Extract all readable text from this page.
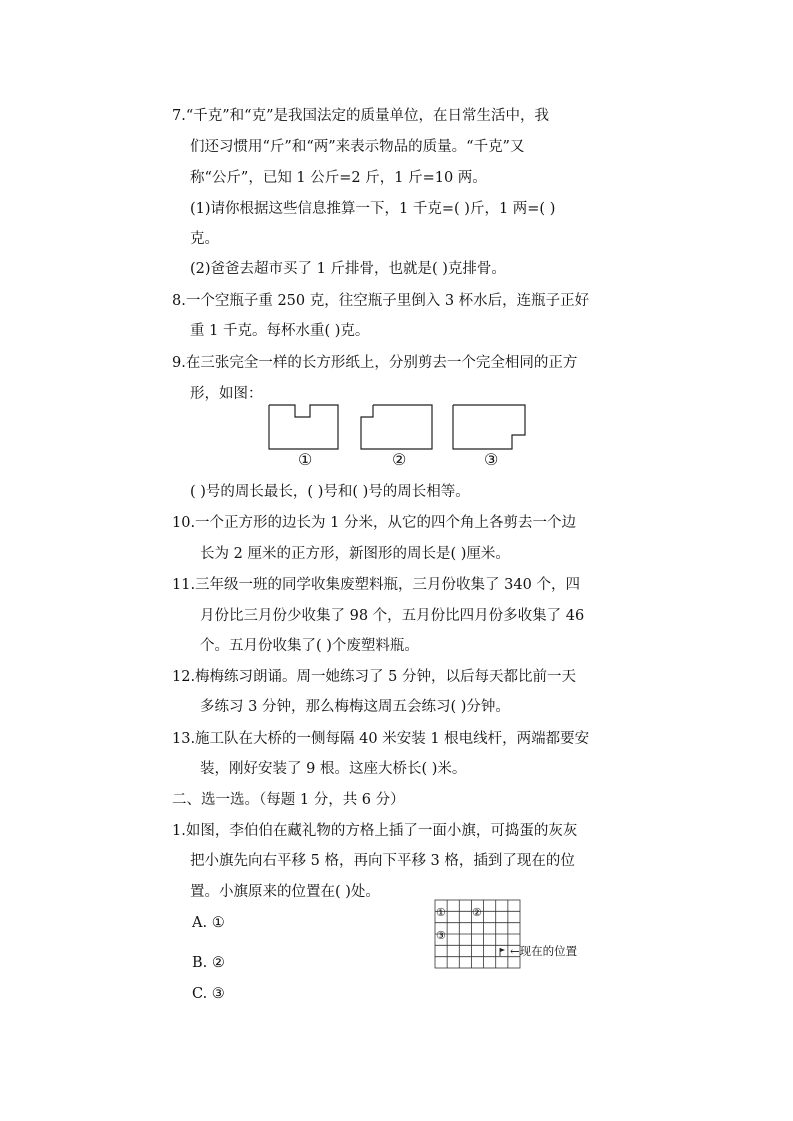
7.“千克”和“克”是我国法定的质量单位，在日常生活中，我
们还习惯用“斤”和“两”来表示物品的质量。“千克”又
称“公斤”，已知 1 公斤=2 斤，1 斤=10 两。
(1)请你根据这些信息推算一下，1 千克=( )斤，1 两=( )
克。
(2)爸爸去超市买了 1 斤排骨，也就是( )克排骨。
8.一个空瓶子重 250 克，往空瓶子里倒入 3 杯水后，连瓶子正好
重 1 千克。每杯水重( )克。
9.在三张完全一样的长方形纸上，分别剪去一个完全相同的正方
形，如图：
①	②	③
( )号的周长最长，( )号和( )号的周长相等。
10.一个正方形的边长为 1 分米，从它的四个角上各剪去一个边
长为 2 厘米的正方形，新图形的周长是( )厘米。
11.三年级一班的同学收集废塑料瓶，三月份收集了 340 个，四
月份比三月份少收集了 98 个，五月份比四月份多收集了 46
个。五月份收集了( )个废塑料瓶。
12.梅梅练习朗诵。周一她练习了 5 分钟，以后每天都比前一天
多练习 3 分钟，那么梅梅这周五会练习( )分钟。
13.施工队在大桥的一侧每隔 40 米安装 1 根电线杆，两端都要安
装，刚好安装了 9 根。这座大桥长( )米。
二、选一选。（每题 1 分，共 6 分）
1.如图，李伯伯在藏礼物的方格上插了一面小旗，可捣蛋的灰灰
把小旗先向右平移 5 格，再向下平移 3 格，插到了现在的位
置。小旗原来的位置在( )处。
A. ①
B. ②
C. ③
① ②
③
←现在的位置
